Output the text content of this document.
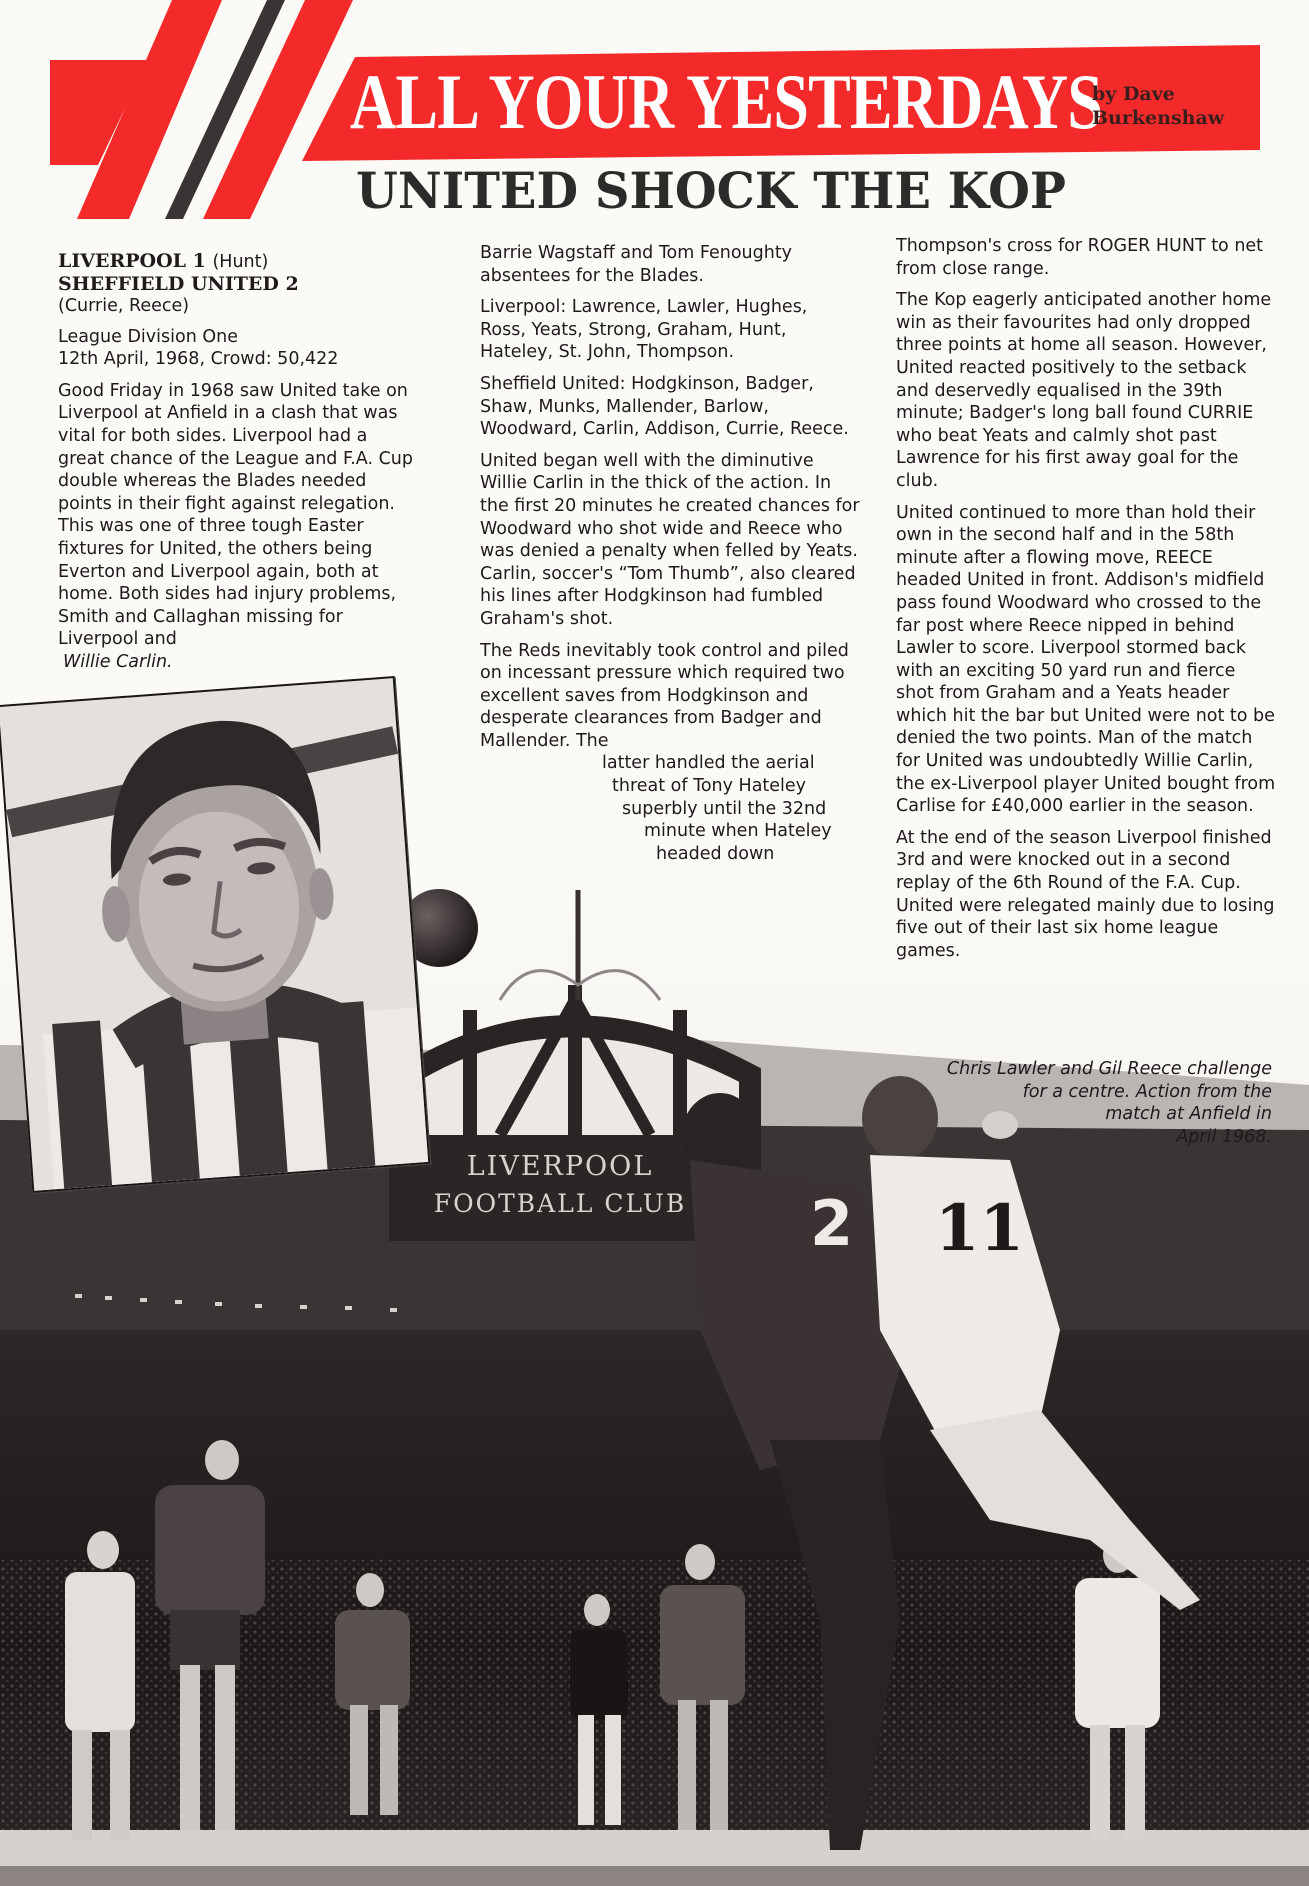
ALL YOUR YESTERDAYS
by Dave
Burkenshaw
UNITED SHOCK THE KOP
LIVERPOOL
FOOTBALL CLUB 2 11
Willie Carlin.
LIVERPOOL 1 (Hunt)
SHEFFIELD UNITED 2

(Currie, Reece)

League Division One

12th April, 1968, Crowd: 50,422

Good Friday in 1968 saw United take on Liverpool at Anfield in a clash that was vital for both sides. Liverpool had a great chance of the League and F.A. Cup double whereas the Blades needed points in their fight against relegation. This was one of three tough Easter fixtures for United, the others being Everton and Liverpool again, both at home. Both sides had injury problems, Smith and Callaghan missing for Liverpool and

Barrie Wagstaff and Tom Fenoughty absentees for the Blades.

Liverpool: Lawrence, Lawler, Hughes, Ross, Yeats, Strong, Graham, Hunt, Hateley, St. John, Thompson.

Sheffield United: Hodgkinson, Badger, Shaw, Munks, Mallender, Barlow, Woodward, Carlin, Addison, Currie, Reece.

United began well with the diminutive Willie Carlin in the thick of the action. In the first 20 minutes he created chances for Woodward who shot wide and Reece who was denied a penalty when felled by Yeats. Carlin, soccer's “Tom Thumb”, also cleared his lines after Hodgkinson had fumbled Graham's shot.

The Reds inevitably took control and piled on incessant pressure which required two excellent saves from Hodgkinson and desperate clearances from Badger and Mallender. The

latter handled the aerial
threat of Tony Hateley
superbly until the 32nd
minute when Hateley
headed down

Thompson's cross for ROGER HUNT to net from close range.

The Kop eagerly anticipated another home win as their favourites had only dropped three points at home all season. However, United reacted positively to the setback and deservedly equalised in the 39th minute; Badger's long ball found CURRIE who beat Yeats and calmly shot past Lawrence for his first away goal for the club.

United continued to more than hold their own in the second half and in the 58th minute after a flowing move, REECE headed United in front. Addison's midfield pass found Woodward who crossed to the far post where Reece nipped in behind Lawler to score. Liverpool stormed back with an exciting 50 yard run and fierce shot from Graham and a Yeats header which hit the bar but United were not to be denied the two points. Man of the match for United was undoubtedly Willie Carlin, the ex-Liverpool player United bought from Carlise for £40,000 earlier in the season.

At the end of the season Liverpool finished 3rd and were knocked out in a second replay of the 6th Round of the F.A. Cup. United were relegated mainly due to losing five out of their last six home league games.

Chris Lawler and Gil Reece challenge
for a centre. Action from the
match at Anfield in
April 1968.
